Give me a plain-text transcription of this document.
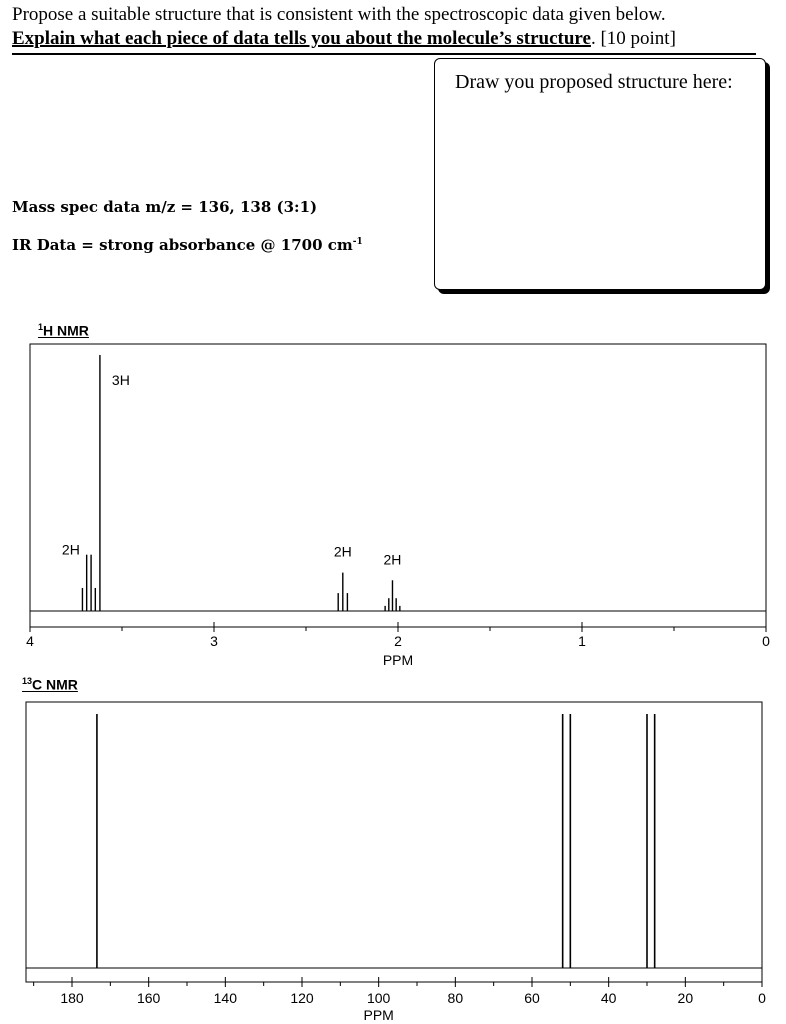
Propose a suitable structure that is consistent with the spectroscopic data given below.
Explain what each piece of data tells you about the molecule’s structure. [10 point]
Draw you proposed structure here:
Mass spec data m/z = 136, 138 (3:1)
IR Data = strong absorbance @ 1700 $cm^{-1}$
$^1$H NMR
$^{13}$C NMR
4	3	2	1	0
PPM
3H
2H	2H 2H
180	160	140	120	100	80	60	40	20	0
PPM
